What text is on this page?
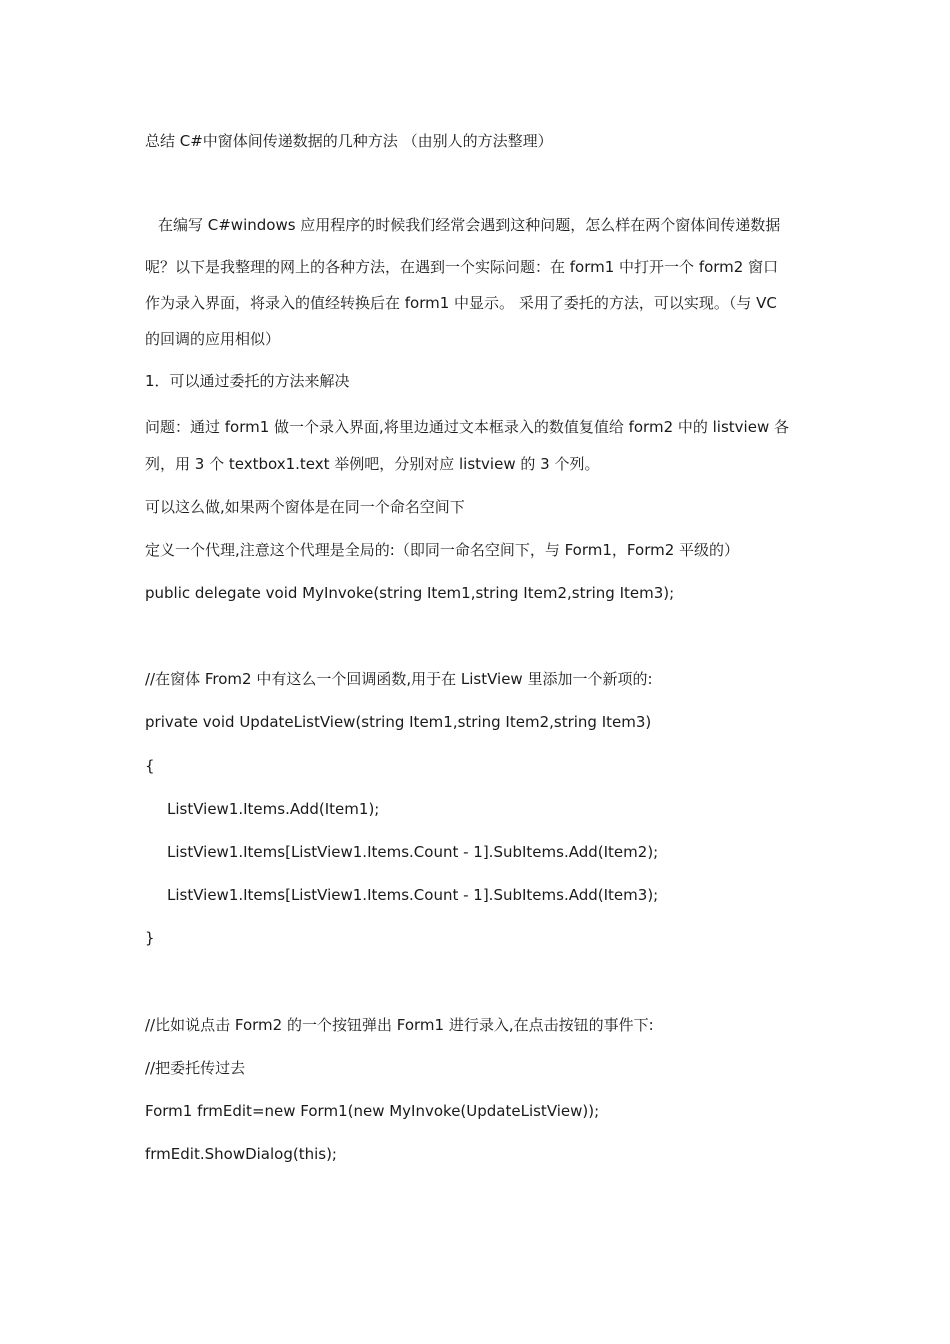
总结 C#中窗体间传递数据的几种方法 （由别人的方法整理）

在编写 C#windows 应用程序的时候我们经常会遇到这种问题，怎么样在两个窗体间传递数据

呢？以下是我整理的网上的各种方法，在遇到一个实际问题：在 form1 中打开一个 form2 窗口

作为录入界面，将录入的值经转换后在 form1 中显示。 采用了委托的方法，可以实现。（与 VC

的回调的应用相似）

1．可以通过委托的方法来解决

问题：通过 form1 做一个录入界面,将里边通过文本框录入的数值复值给 form2 中的 listview 各

列，用 3 个 textbox1.text 举例吧，分别对应 listview 的 3 个列。

可以这么做,如果两个窗体是在同一个命名空间下

定义一个代理,注意这个代理是全局的:（即同一命名空间下，与 Form1，Form2 平级的）

public delegate void MyInvoke(string Item1,string Item2,string Item3);

//在窗体 From2 中有这么一个回调函数,用于在 ListView 里添加一个新项的:

private void UpdateListView(string Item1,string Item2,string Item3)

{

ListView1.Items.Add(Item1);

ListView1.Items[ListView1.Items.Count - 1].SubItems.Add(Item2);

ListView1.Items[ListView1.Items.Count - 1].SubItems.Add(Item3);

}

//比如说点击 Form2 的一个按钮弹出 Form1 进行录入,在点击按钮的事件下:

//把委托传过去

Form1 frmEdit=new Form1(new MyInvoke(UpdateListView));

frmEdit.ShowDialog(this);
